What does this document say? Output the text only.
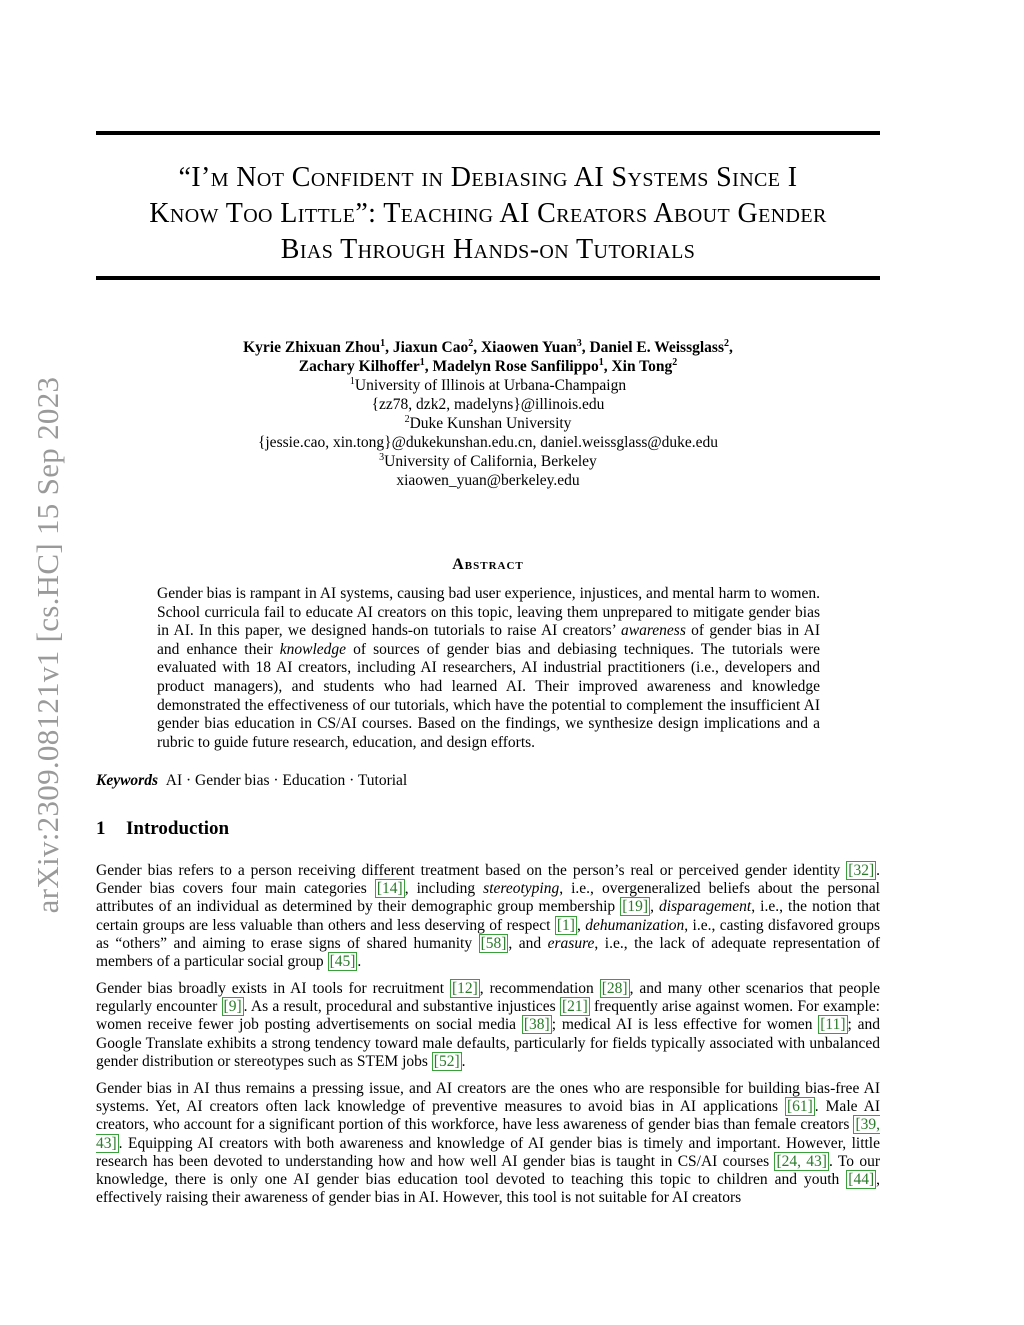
arXiv:2309.08121v1 [cs.HC] 15 Sep 2023
“I’m Not Confident in Debiasing AI Systems Since I
Know Too Little”: Teaching AI Creators About Gender
Bias Through Hands-on Tutorials
Kyrie Zhixuan Zhou$^1$, Jiaxun Cao$^2$, Xiaowen Yuan$^3$, Daniel E. Weissglass$^2$,
Zachary Kilhoffer$^1$, Madelyn Rose Sanfilippo$^1$, Xin Tong$^2$
$^1$University of Illinois at Urbana-Champaign
{zz78, dzk2, madelyns}@illinois.edu
$^2$Duke Kunshan University
{jessie.cao, xin.tong}@dukekunshan.edu.cn, daniel.weissglass@duke.edu
$^3$University of California, Berkeley
xiaowen_yuan@berkeley.edu
Abstract
Gender bias is rampant in AI systems, causing bad user experience, injustices, and mental harm to women. School curricula fail to educate AI creators on this topic, leaving them unprepared to mitigate gender bias in AI. In this paper, we designed hands-on tutorials to raise AI creators’ awareness of gender bias in AI and enhance their knowledge of sources of gender bias and debiasing techniques. The tutorials were evaluated with 18 AI creators, including AI researchers, AI industrial practitioners (i.e., developers and product managers), and students who had learned AI. Their improved awareness and knowledge demonstrated the effectiveness of our tutorials, which have the potential to complement the insufficient AI gender bias education in CS/AI courses. Based on the findings, we synthesize design implications and a rubric to guide future research, education, and design efforts.
Keywords AI · Gender bias · Education · Tutorial
1 Introduction
Gender bias refers to a person receiving different treatment based on the person’s real or perceived gender identity [32] . Gender bias covers four main categories [14] , including stereotyping, i.e., overgeneralized beliefs about the personal attributes of an individual as determined by their demographic group membership [19] , disparagement, i.e., the notion that certain groups are less valuable than others and less deserving of respect [1] , dehumanization, i.e., casting disfavored groups as “others” and aiming to erase signs of shared humanity [58] , and erasure, i.e., the lack of adequate representation of members of a particular social group [45] .
Gender bias broadly exists in AI tools for recruitment [12] , recommendation [28] , and many other scenarios that people regularly encounter [9] . As a result, procedural and substantive injustices [21] frequently arise against women. For example: women receive fewer job posting advertisements on social media [38] ; medical AI is less effective for women [11] ; and Google Translate exhibits a strong tendency toward male defaults, particularly for fields typically associated with unbalanced gender distribution or stereotypes such as STEM jobs [52] .
Gender bias in AI thus remains a pressing issue, and AI creators are the ones who are responsible for building bias-free AI systems. Yet, AI creators often lack knowledge of preventive measures to avoid bias in AI applications [61] . Male AI creators, who account for a significant portion of this workforce, have less awareness of gender bias than female creators [39, 43] . Equipping AI creators with both awareness and knowledge of AI gender bias is timely and important. However, little research has been devoted to understanding how and how well AI gender bias is taught in CS/AI courses [24, 43] . To our knowledge, there is only one AI gender bias education tool devoted to teaching this topic to children and youth [44] , effectively raising their awareness of gender bias in AI. However, this tool is not suitable for AI creators
